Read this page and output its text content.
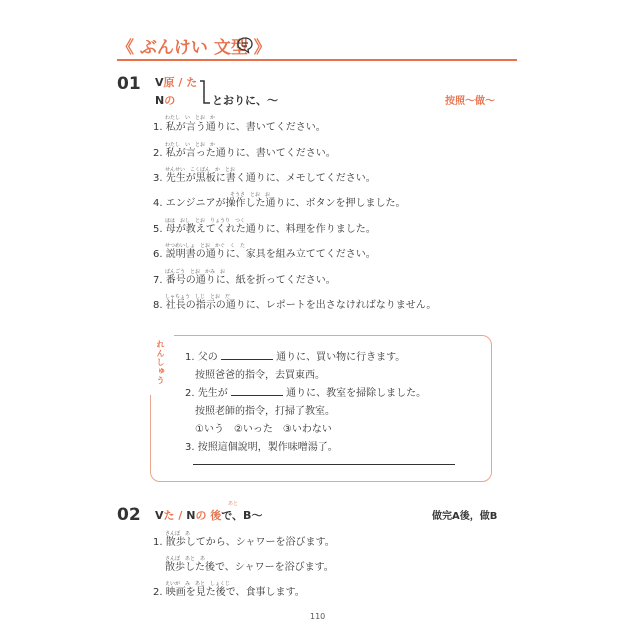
《 ぶんけい 文型 》
01 V原 / た
Nの	とおりに、〜	按照〜做〜
わたし　い　とお　か
1. 私が言う通りに、書いてください。
わたし　い　とお　か
2. 私が言った通りに、書いてください。
せんせい　こくばん　か　とお
3. 先生が黒板に書く通りに、メモしてください。
そうさ　とお　お
4. エンジニアが操作した通りに、ボタンを押しました。
はは　おし　とお　りょうり　つく
5. 母が教えてくれた通りに、料理を作りました。
せつめいしょ　とお　かぐ　く　た
6. 説明書の通りに、家具を組み立ててください。
ばんごう　とお　かみ　お
7. 番号の通りに、紙を折ってください。
しゃちょう　しじ　とお　だ
8. 社長の指示の通りに、レポートを出さなければなりません。
れんしゅう 1. 父の	通りに、買い物に行きます。
按照爸爸的指令，去買東西。
2. 先生が	通りに、教室を掃除しました。
按照老師的指令，打掃了教室。
①いう　②いった　③いわない
3. 按照這個說明，製作味噌湯了。
02 Vた / Nの 後で、B〜
あと
做完A後，做B
さんぽ　あ
1. 散歩してから、シャワーを浴びます。
さんぽ　あと　あ
散歩した後で、シャワーを浴びます。
えいが　み　あと　しょくじ
2. 映画を見た後で、食事します。
110
